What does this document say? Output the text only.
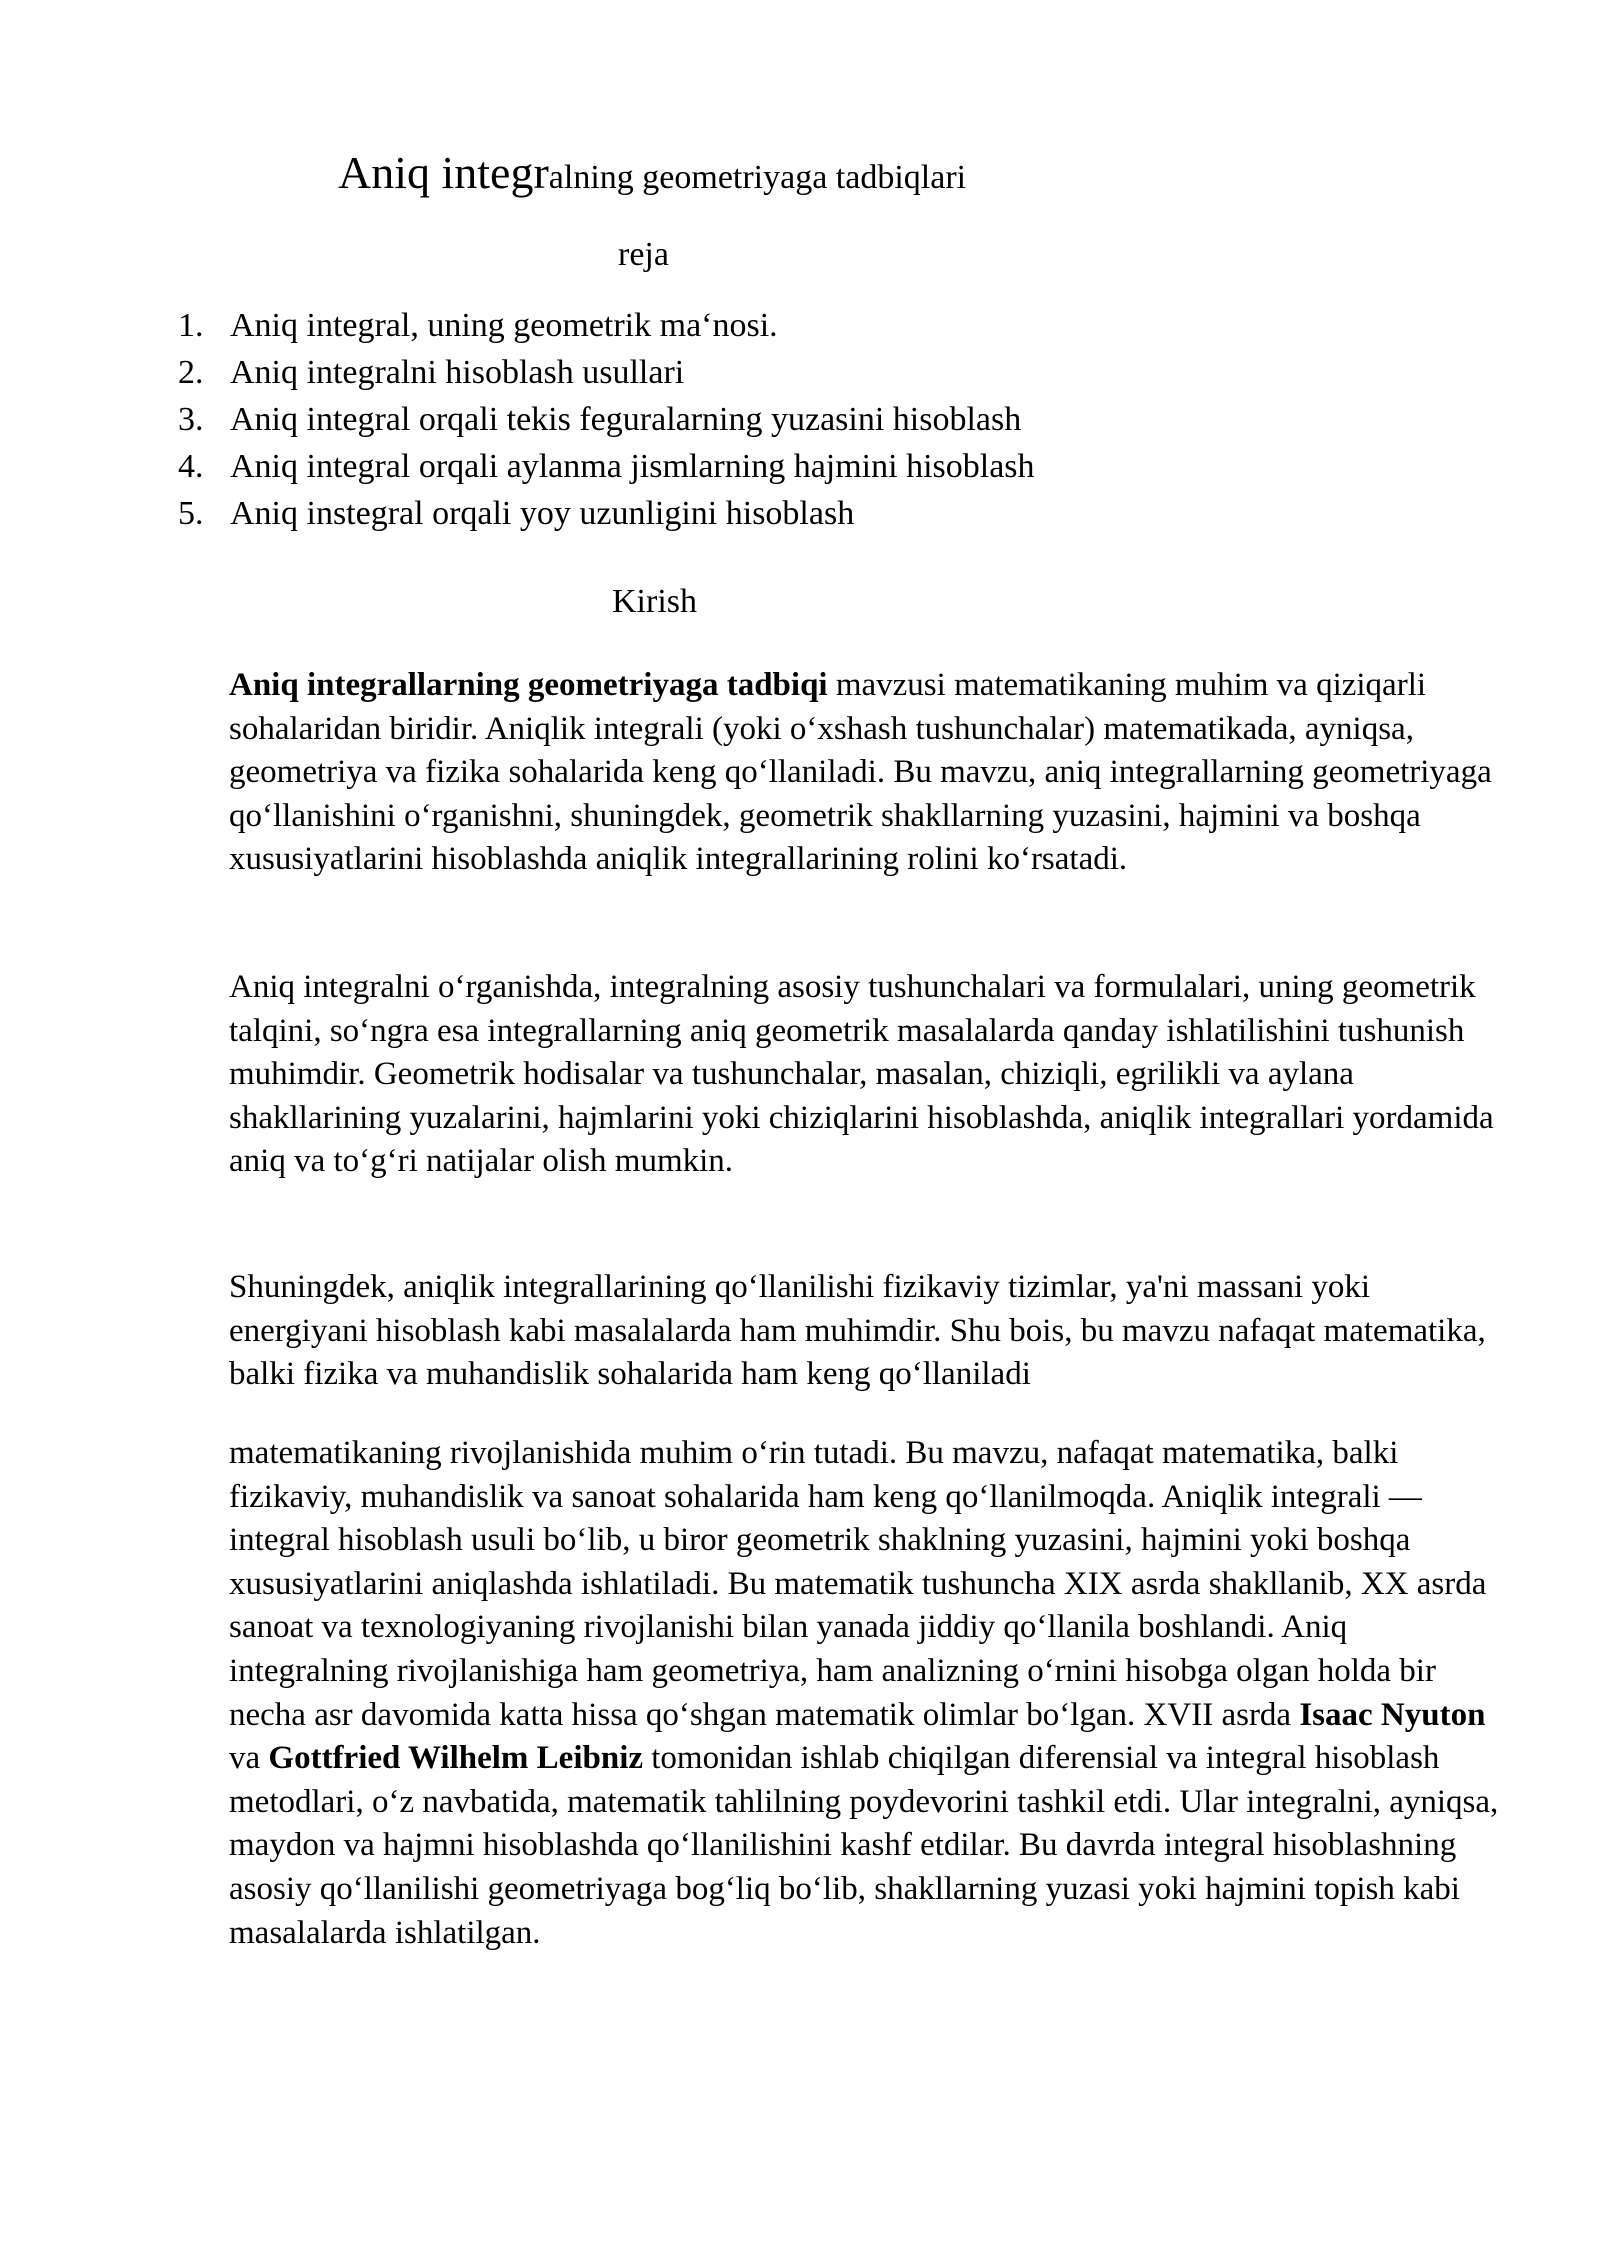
Aniq integralning geometriyaga tadbiqlari
reja
1. Aniq integral, uning geometrik maʻnosi.
2. Aniq integralni hisoblash usullari
3. Aniq integral orqali tekis feguralarning yuzasini hisoblash
4. Aniq integral orqali aylanma jismlarning hajmini hisoblash
5. Aniq instegral orqali yoy uzunligini hisoblash
Kirish

Aniq integrallarning geometriyaga tadbiqi mavzusi matematikaning muhim va qiziqarli sohalaridan biridir. Aniqlik integrali (yoki oʻxshash tushunchalar) matematikada, ayniqsa, geometriya va fizika sohalarida keng qoʻllaniladi. Bu mavzu, aniq integrallarning geometriyaga qoʻllanishini oʻrganishni, shuningdek, geometrik shakllarning yuzasini, hajmini va boshqa xususiyatlarini hisoblashda aniqlik integrallarining rolini koʻrsatadi.

Aniq integralni oʻrganishda, integralning asosiy tushunchalari va formulalari, uning geometrik talqini, soʻngra esa integrallarning aniq geometrik masalalarda qanday ishlatilishini tushunish muhimdir. Geometrik hodisalar va tushunchalar, masalan, chiziqli, egrilikli va aylana shakllarining yuzalarini, hajmlarini yoki chiziqlarini hisoblashda, aniqlik integrallari yordamida aniq va toʻgʻri natijalar olish mumkin.

Shuningdek, aniqlik integrallarining qoʻllanilishi fizikaviy tizimlar, ya'ni massani yoki energiyani hisoblash kabi masalalarda ham muhimdir. Shu bois, bu mavzu nafaqat matematika, balki fizika va muhandislik sohalarida ham keng qoʻllaniladi

matematikaning rivojlanishida muhim oʻrin tutadi. Bu mavzu, nafaqat matematika, balki fizikaviy, muhandislik va sanoat sohalarida ham keng qoʻllanilmoqda. Aniqlik integrali — integral hisoblash usuli boʻlib, u biror geometrik shaklning yuzasini, hajmini yoki boshqa xususiyatlarini aniqlashda ishlatiladi. Bu matematik tushuncha XIX asrda shakllanib, XX asrda sanoat va texnologiyaning rivojlanishi bilan yanada jiddiy qoʻllanila boshlandi. Aniq integralning rivojlanishiga ham geometriya, ham analizning oʻrnini hisobga olgan holda bir necha asr davomida katta hissa qoʻshgan matematik olimlar boʻlgan. XVII asrda Isaac Nyuton va Gottfried Wilhelm Leibniz tomonidan ishlab chiqilgan diferensial va integral hisoblash metodlari, oʻz navbatida, matematik tahlilning poydevorini tashkil etdi. Ular integralni, ayniqsa, maydon va hajmni hisoblashda qoʻllanilishini kashf etdilar. Bu davrda integral hisoblashning asosiy qoʻllanilishi geometriyaga bogʻliq boʻlib, shakllarning yuzasi yoki hajmini topish kabi masalalarda ishlatilgan.
